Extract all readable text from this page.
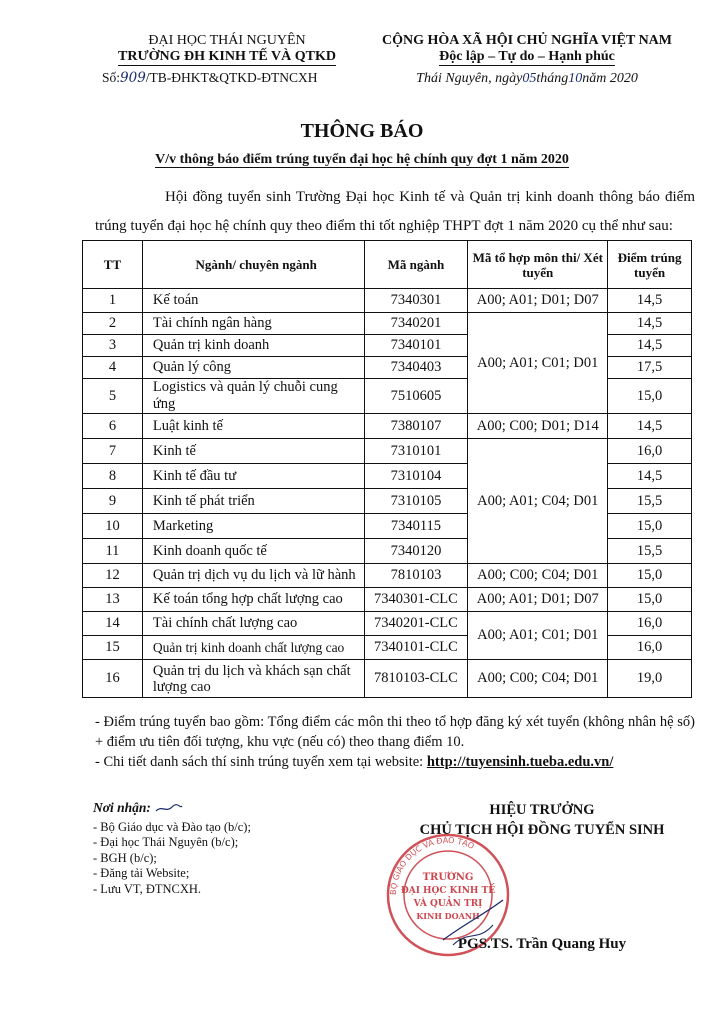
ĐẠI HỌC THÁI NGUYÊN
TRƯỜNG ĐH KINH TẾ VÀ QTKD
Số:909/TB-ĐHKT&QTKD-ĐTNCXH
CỘNG HÒA XÃ HỘI CHỦ NGHĨA VIỆT NAM
Độc lập – Tự do – Hạnh phúc
Thái Nguyên, ngày05tháng10năm 2020
THÔNG BÁO
V/v thông báo điểm trúng tuyển đại học hệ chính quy đợt 1 năm 2020
Hội đồng tuyển sinh Trường Đại học Kinh tế và Quản trị kinh doanh thông báo điểm trúng tuyển đại học hệ chính quy theo điểm thi tốt nghiệp THPT đợt 1 năm 2020 cụ thể như sau:
TT	Ngành/ chuyên ngành	Mã ngành	Mã tổ hợp môn thi/ Xét tuyển	Điểm trúng tuyển
1	Kế toán	7340301	A00; A01; D01; D07	14,5
2	Tài chính ngân hàng	7340201	A00; A01; C01; D01	14,5
3	Quản trị kinh doanh	7340101		14,5
4	Quản lý công	7340403		17,5
5	Logistics và quản lý chuỗi cung ứng	7510605		15,0
6	Luật kinh tế	7380107	A00; C00; D01; D14	14,5
7	Kinh tế	7310101	A00; A01; C04; D01	16,0
8	Kinh tế đầu tư	7310104		14,5
9	Kinh tế phát triển	7310105		15,5
10	Marketing	7340115		15,0
11	Kinh doanh quốc tế	7340120		15,5
12	Quản trị dịch vụ du lịch và lữ hành	7810103	A00; C00; C04; D01	15,0
13	Kế toán tổng hợp chất lượng cao	7340301-CLC	A00; A01; D01; D07	15,0
14	Tài chính chất lượng cao	7340201-CLC	A00; A01; C01; D01	16,0
15	Quản trị kinh doanh chất lượng cao	7340101-CLC		16,0
16	Quản trị du lịch và khách sạn chất lượng cao	7810103-CLC	A00; C00; C04; D01	19,0
- Điểm trúng tuyển bao gồm: Tổng điểm các môn thi theo tổ hợp đăng ký xét tuyển (không nhân hệ số) + điểm ưu tiên đối tượng, khu vực (nếu có) theo thang điểm 10.
- Chi tiết danh sách thí sinh trúng tuyển xem tại website: http://tuyensinh.tueba.edu.vn/
Nơi nhận:
- Bộ Giáo dục và Đào tạo (b/c);
- Đại học Thái Nguyên (b/c);
- BGH (b/c);
- Đăng tải Website;
- Lưu VT, ĐTNCXH.
HIỆU TRƯỞNG
CHỦ TỊCH HỘI ĐỒNG TUYỂN SINH
BỘ GIÁO DỤC VÀ ĐÀO TẠO
TRƯỜNG
ĐẠI HỌC KINH TẾ
VÀ QUẢN TRỊ
KINH DOANH
PGS.TS. Trần Quang Huy
